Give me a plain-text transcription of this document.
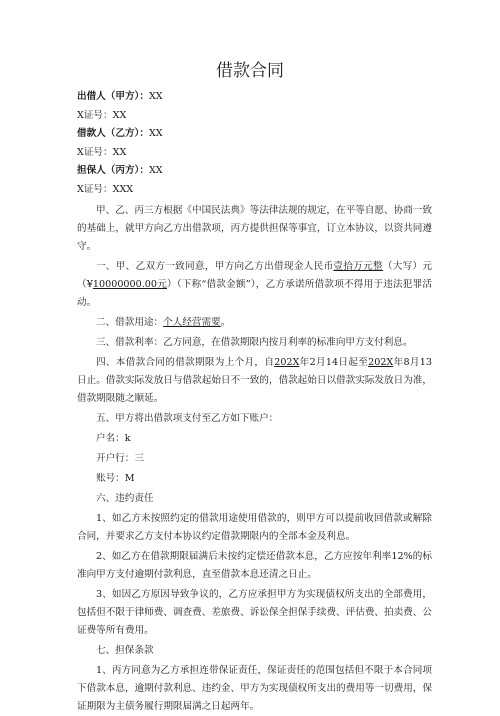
借款合同
出借人（甲方）：XX
X证号：XX
借款人（乙方）：XX
X证号：XX
担保人（丙方）：XX
X证号：XXX

甲、乙、丙三方根据《中国民法典》等法律法规的规定，在平等自愿、协商一致的基础上，就甲方向乙方出借款项，丙方提供担保等事宜，订立本协议，以资共同遵守。

一、甲、乙双方一致同意，甲方向乙方出借现金人民币壹拾万元整（大写）元（¥10000000.00元）（下称“借款金额”），乙方承诺所借款项不得用于违法犯罪活动。

二、借款用途：个人经营需要。

三、借款利率：乙方同意，在借款期限内按月利率的标准向甲方支付利息。

四、本借款合同的借款期限为上个月，自202X年2月14日起至202X年8月13日止。借款实际发放日与借款起始日不一致的，借款起始日以借款实际发放日为准，借款期限随之顺延。

五、甲方将出借款项支付至乙方如下账户：

户名：k

开户行：三

账号：M

六、违约责任

1、如乙方未按照约定的借款用途使用借款的，则甲方可以提前收回借款或解除合同，并要求乙方支付本协议约定借款期限内的全部本金及利息。

2、如乙方在借款期限届满后未按约定偿还借款本息，乙方应按年利率12%的标准向甲方支付逾期付款利息，直至借款本息还清之日止。

3、如因乙方原因导致争议的，乙方应承担甲方为实现债权所支出的全部费用，包括但不限于律师费、调查费、差旅费、诉讼保全担保手续费、评估费、拍卖费、公证费等所有费用。

七、担保条款

1、丙方同意为乙方承担连带保证责任，保证责任的范围包括但不限于本合同项下借款本息，逾期付款利息、违约金、甲方为实现债权所支出的费用等一切费用，保证期限为主债务履行期限届满之日起两年。
